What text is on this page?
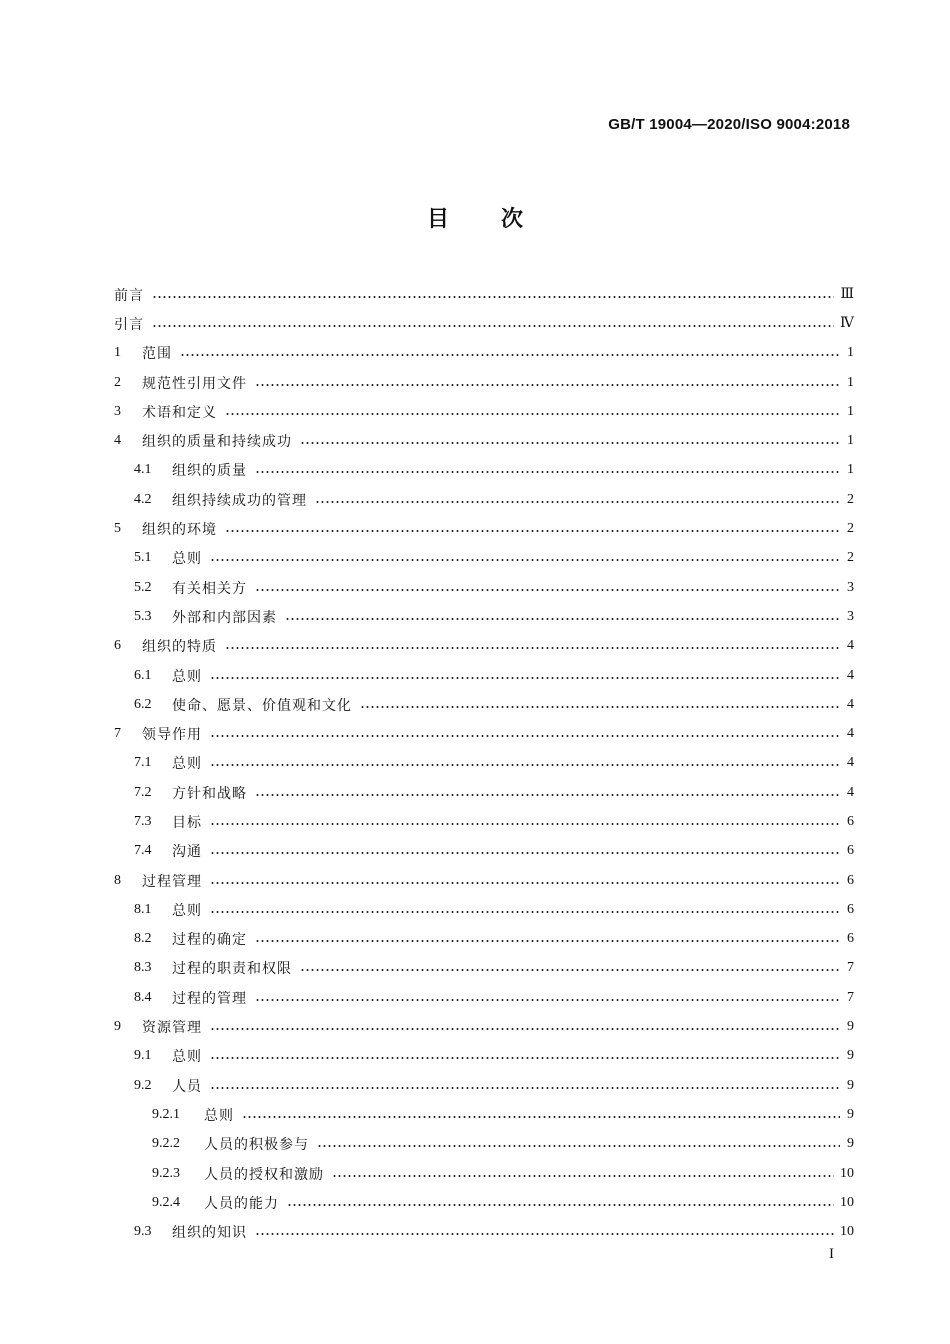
GB/T 19004—2020/ISO 9004:2018
目次
前言	Ⅲ
引言	Ⅳ
1	范围	1
2	规范性引用文件	1
3	术语和定义	1
4	组织的质量和持续成功	1
4.1	组织的质量	1
4.2	组织持续成功的管理	2
5	组织的环境	2
5.1	总则	2
5.2	有关相关方	3
5.3	外部和内部因素	3
6	组织的特质	4
6.1	总则	4
6.2	使命、愿景、价值观和文化	4
7	领导作用	4
7.1	总则	4
7.2	方针和战略	4
7.3	目标	6
7.4	沟通	6
8	过程管理	6
8.1	总则	6
8.2	过程的确定	6
8.3	过程的职责和权限	7
8.4	过程的管理	7
9	资源管理	9
9.1	总则	9
9.2	人员	9
9.2.1	总则	9
9.2.2	人员的积极参与	9
9.2.3	人员的授权和激励	10
9.2.4	人员的能力	10
9.3	组织的知识	10
I
